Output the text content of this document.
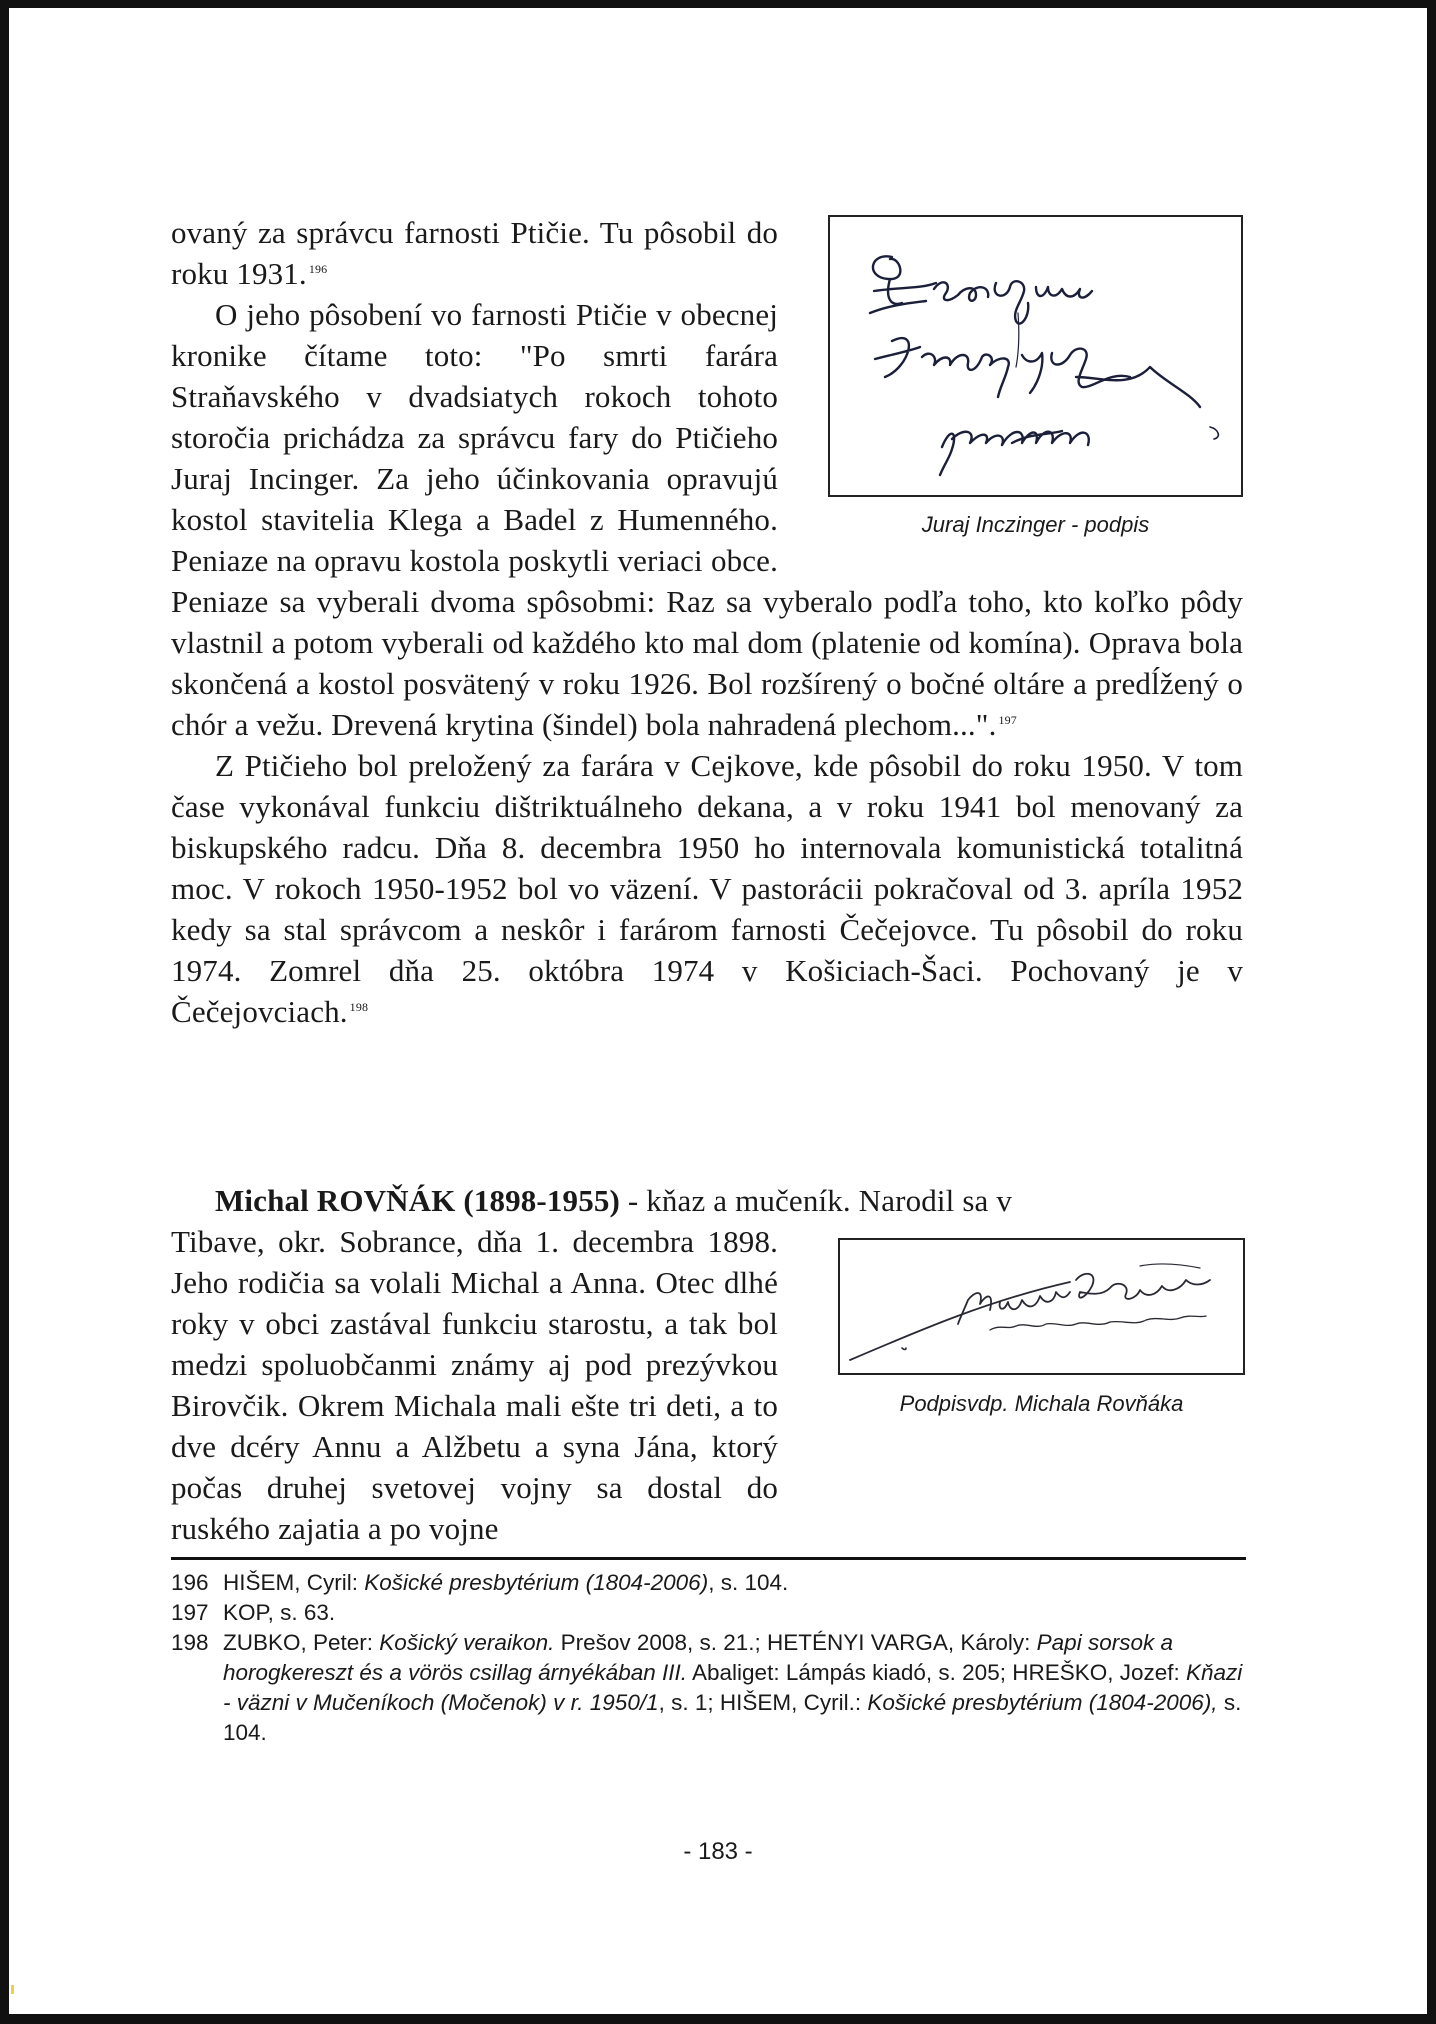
ovaný za správcu farnosti Ptičie. Tu pôsobil do roku 1931. $^{196}$

O jeho pôsobení vo farnosti Ptičie v obecnej kronike čítame toto: "Po smrti farára Straňavského v dvadsiatych rokoch tohoto storočia prichádza za správcu fary do Ptičieho Juraj Incinger. Za jeho účinkovania opravujú kostol stavitelia Klega a Badel z Humenného. Peniaze na opravu kostola poskytli veriaci obce. Peniaze sa vyberali dvoma spôsobmi: Raz sa vyberalo podľa toho, kto koľko pôdy vlastnil a potom vyberali od každého kto mal dom (platenie od komína). Oprava bola skončená a kostol posvätený v roku 1926. Bol rozšírený o bočné oltáre a predĺžený o chór a vežu. Drevená krytina (šindel) bola nahradená plechom...". $^{197}$

Z Ptičieho bol preložený za farára v Cejkove, kde pôsobil do roku 1950. V tom čase vykonával funkciu dištriktuálneho dekana, a v roku 1941 bol menovaný za biskupského radcu. Dňa 8. decembra 1950 ho internovala komunistická totalitná moc. V rokoch 1950-1952 bol vo väzení. V pastorácii pokračoval od 3. apríla 1952 kedy sa stal správcom a neskôr i farárom farnosti Čečejovce. Tu pôsobil do roku 1974. Zomrel dňa 25. októbra 1974 v Košiciach-Šaci. Pochovaný je v Čečejovciach. $^{198}$

Michal ROVŇÁK (1898-1955) - kňaz a mučeník. Narodil sa v

Tibave, okr. Sobrance, dňa 1. decembra 1898. Jeho rodičia sa volali Michal a Anna. Otec dlhé roky v obci zastával funkciu starostu, a tak bol medzi spoluobčanmi známy aj pod prezývkou Birovčik. Okrem Michala mali ešte tri deti, a to dve dcéry Annu a Alžbetu a syna Jána, ktorý počas druhej svetovej vojny sa dostal do ruského zajatia a po vojne

Juraj Inczinger - podpis
Podpisvdp. Michala Rovňáka
196 HIŠEM, Cyril: Košické presbytérium (1804-2006), s. 104.
197 KOP, s. 63.
198 ZUBKO, Peter: Košický veraikon. Prešov 2008, s. 21.; HETÉNYI VARGA, Károly: Papi sorsok a horogkereszt és a vörös csillag árnyékában III. Abaliget: Lámpás kiadó, s. 205; HREŠKO, Jozef: Kňazi - väzni v Mučeníkoch (Močenok) v r. 1950/1, s. 1; HIŠEM, Cyril.: Košické presbytérium (1804-2006), s. 104.
- 183 -
